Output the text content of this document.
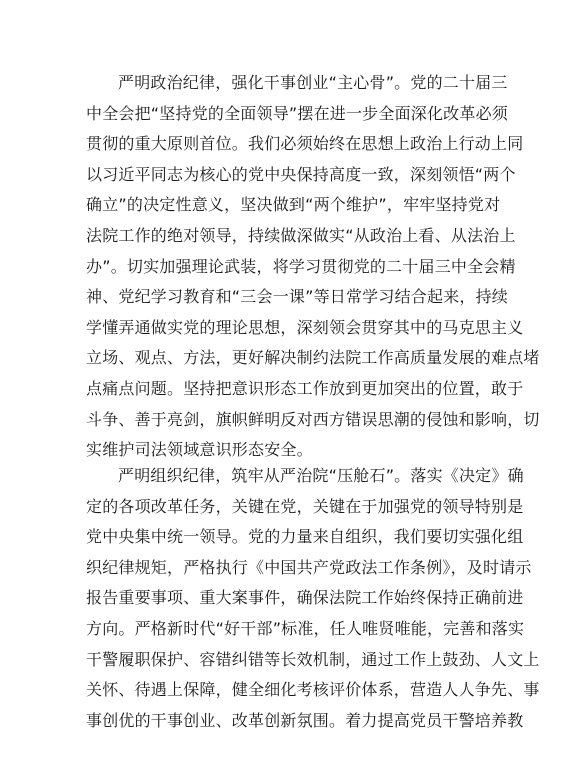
严明政治纪律，强化干事创业“主心骨”。党的二十届三
中全会把“坚持党的全面领导”摆在进一步全面深化改革必须
贯彻的重大原则首位。我们必须始终在思想上政治上行动上同
以习近平同志为核心的党中央保持高度一致，深刻领悟“两个
确立”的决定性意义，坚决做到“两个维护”，牢牢坚持党对
法院工作的绝对领导，持续做深做实“从政治上看、从法治上
办”。切实加强理论武装，将学习贯彻党的二十届三中全会精
神、党纪学习教育和“三会一课”等日常学习结合起来，持续
学懂弄通做实党的理论思想，深刻领会贯穿其中的马克思主义
立场、观点、方法，更好解决制约法院工作高质量发展的难点堵
点痛点问题。坚持把意识形态工作放到更加突出的位置，敢于
斗争、善于亮剑，旗帜鲜明反对西方错误思潮的侵蚀和影响，切
实维护司法领域意识形态安全。
严明组织纪律，筑牢从严治院“压舱石”。落实《决定》确
定的各项改革任务，关键在党，关键在于加强党的领导特别是
党中央集中统一领导。党的力量来自组织，我们要切实强化组
织纪律规矩，严格执行《中国共产党政法工作条例》，及时请示
报告重要事项、重大案事件，确保法院工作始终保持正确前进
方向。严格新时代“好干部”标准，任人唯贤唯能，完善和落实
干警履职保护、容错纠错等长效机制，通过工作上鼓劲、人文上
关怀、待遇上保障，健全细化考核评价体系，营造人人争先、事
事创优的干事创业、改革创新氛围。着力提高党员干警培养教
